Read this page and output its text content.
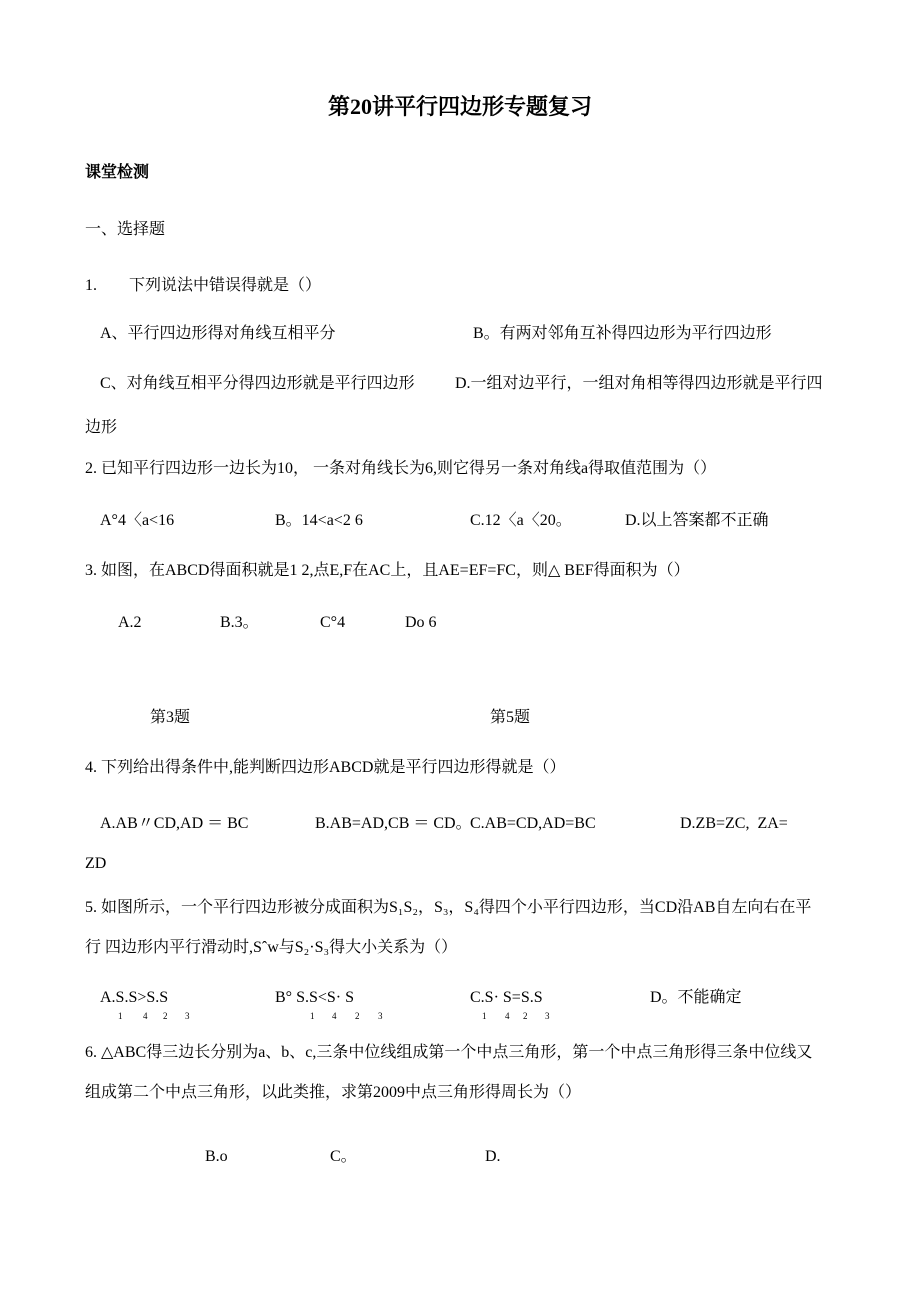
第20讲平行四边形专题复习
课堂检测
一、选择题
1.　　下列说法中错误得就是（）
A、平行四边形得对角线互相平分	B。有两对邻角互补得四边形为平行四边形
C、对角线互相平分得四边形就是平行四边形	D.一组对边平行，一组对角相等得四边形就是平行四
边形
2. 已知平行四边形一边长为10， 一条对角线长为6,则它得另一条对角线a得取值范围为（）
A°4〈a<16	B。14<a<2 6	C.12〈a〈20。	D.以上答案都不正确
3. 如图，在ABCD得面积就是1 2,点E,F在AC上，且AE=EF=FC，则△ BEF得面积为（）
A.2	B.3。	C°4	Do 6
第3题	第5题
4. 下列给出得条件中,能判断四边形ABCD就是平行四边形得就是（）
A.AB〃CD,AD ＝ BC	B.AB=AD,CB ＝ CD。
C.AB=CD,AD=BC	D.ZB=ZC,  ZA=
ZD
5. 如图所示，一个平行四边形被分成面积为S₁S₂，S₃，S₄得四个小平行四边形，当CD沿AB自左向右在平
行 四边形内平行滑动时,Sˆw与S₂·S₃得大小关系为（）
A.S.S>S.S	B° S.S<S· S	C.S· S=S.S	D。不能确定
1 4 2 3	1 4 2 3	1 4 2 3
6. △ABC得三边长分别为a、b、c,三条中位线组成第一个中点三角形，第一个中点三角形得三条中位线又
组成第二个中点三角形，以此类推，求第2009中点三角形得周长为（）
B.o	C。	D.
